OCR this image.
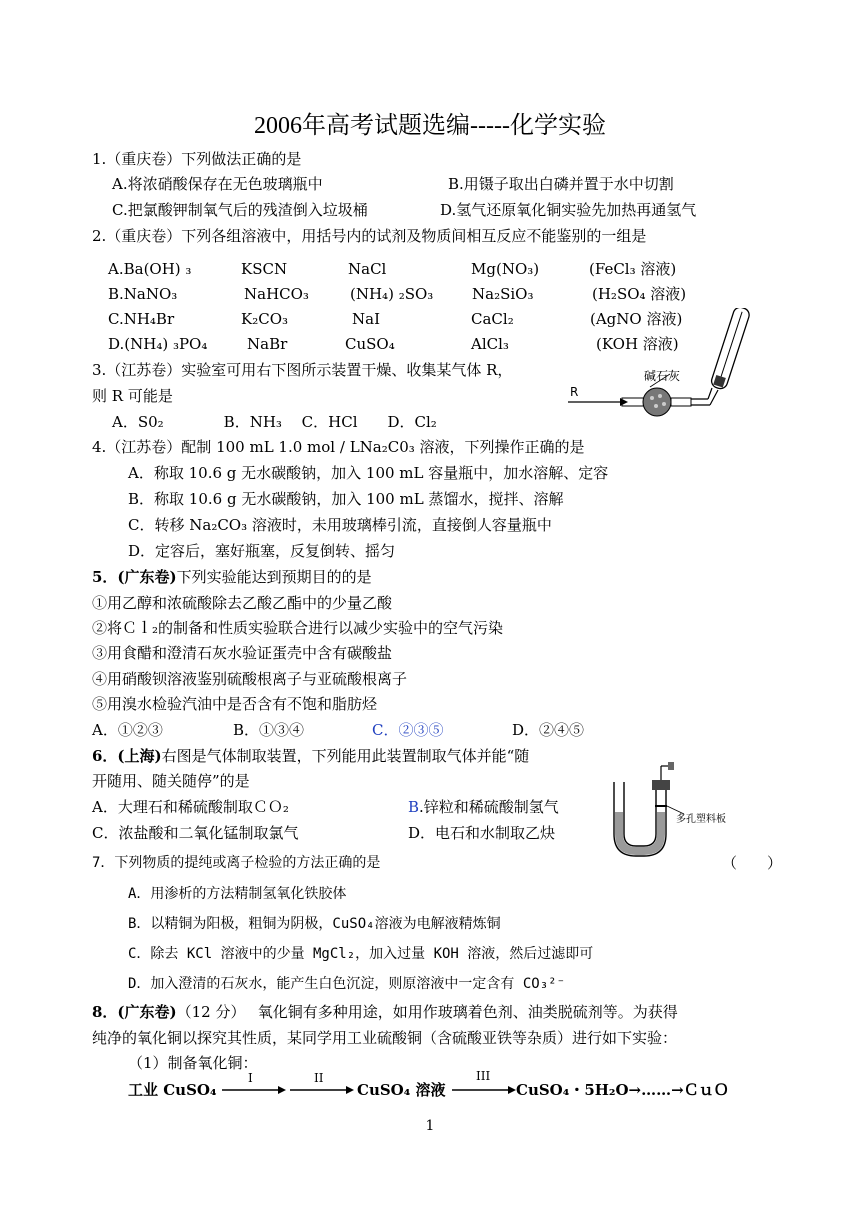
2006年高考试题选编-----化学实验
1.（重庆卷）下列做法正确的是
A.将浓硝酸保存在无色玻璃瓶中	B.用镊子取出白磷并置于水中切割
C.把氯酸钾制氧气后的残渣倒入垃圾桶	D.氢气还原氧化铜实验先加热再通氢气
2.（重庆卷）下列各组溶液中，用括号内的试剂及物质间相互反应不能鉴别的一组是
A.Ba(OH) ₃	KSCN	NaCl	Mg(NO₃)	(FeCl₃ 溶液)
B.NaNO₃	NaHCO₃	(NH₄) ₂SO₃	Na₂SiO₃	(H₂SO₄ 溶液)
C.NH₄Br	K₂CO₃	NaI	CaCl₂	(AgNO 溶液)
D.(NH₄) ₃PO₄	NaBr	CuSO₄	AlCl₃	(KOH 溶液)
3.（江苏卷）实验室可用右下图所示装置干燥、收集某气体 R，
则 R 可能是
A．S0₂　　　　B．NH₃　 C．HCl　　D．Cl₂
碱石灰
R
4.（江苏卷）配制 100 mL 1.0 mol / LNa₂C0₃ 溶液，下列操作正确的是
A．称取 10.6 g 无水碳酸钠，加入 100 mL 容量瓶中，加水溶解、定容
B．称取 10.6 g 无水碳酸钠，加入 100 mL 蒸馏水，搅拌、溶解
C．转移 Na₂CO₃ 溶液时，未用玻璃棒引流，直接倒人容量瓶中
D．定容后，塞好瓶塞，反复倒转、摇匀
5．(广东卷)下列实验能达到预期目的的是
①用乙醇和浓硫酸除去乙酸乙酯中的少量乙酸
②将Ｃｌ₂的制备和性质实验联合进行以减少实验中的空气污染
③用食醋和澄清石灰水验证蛋壳中含有碳酸盐
④用硝酸钡溶液鉴别硫酸根离子与亚硫酸根离子
⑤用溴水检验汽油中是否含有不饱和脂肪烃
A．①②③	B．①③④	C．②③⑤	D．②④⑤
6．(上海)右图是气体制取装置，下列能用此装置制取气体并能“随
开随用、随关随停”的是
A．大理石和稀硫酸制取ＣＯ₂	B.锌粒和稀硫酸制氢气
C．浓盐酸和二氧化锰制取氯气	D．电石和水制取乙炔
多孔塑料板
7．下列物质的提纯或离子检验的方法正确的是	（　　）
A．用渗析的方法精制氢氧化铁胶体
B．以精铜为阳极，粗铜为阴极，CuSO₄溶液为电解液精炼铜
C．除去 KCl 溶液中的少量 MgCl₂，加入过量 KOH 溶液，然后过滤即可
D．加入澄清的石灰水，能产生白色沉淀，则原溶液中一定含有 CO₃²⁻
8．(广东卷)（12 分）　 氧化铜有多种用途，如用作玻璃着色剂、油类脱硫剂等。为获得
纯净的氧化铜以探究其性质，某同学用工业硫酸铜（含硫酸亚铁等杂质）进行如下实验：
（1）制备氧化铜：
工业 CuSO₄
I	II
CuSO₄ 溶液
III
CuSO₄・5H₂O→……→ＣｕＯ
1
